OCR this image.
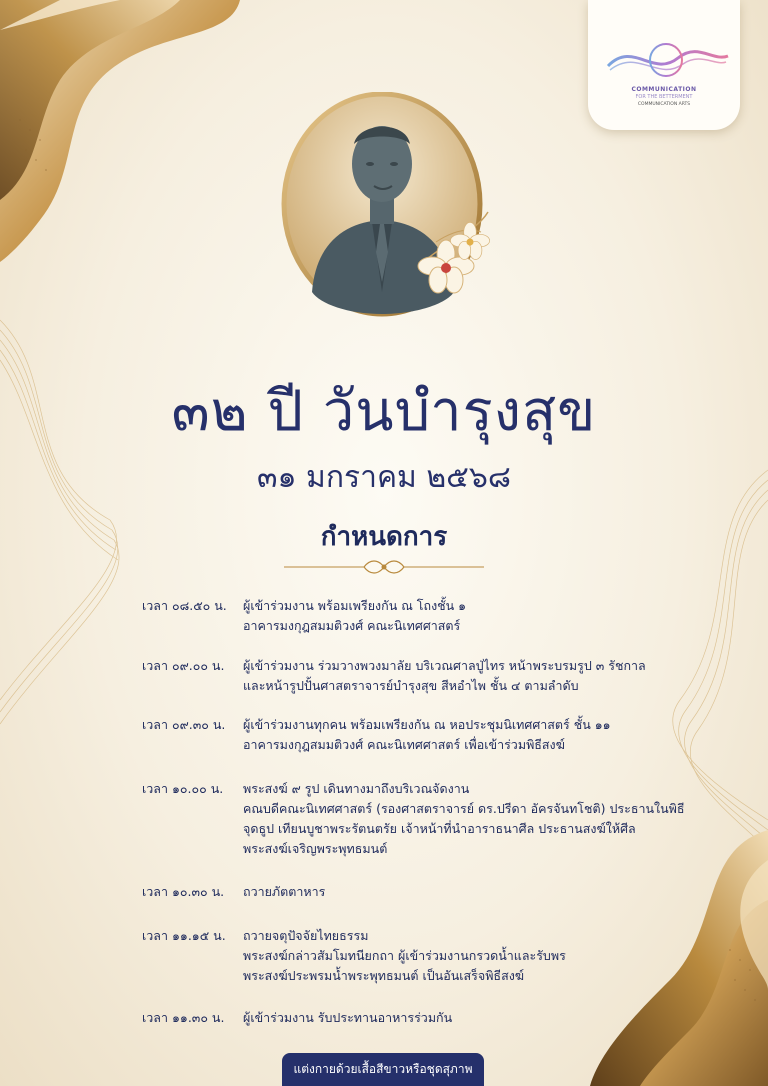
COMMUNICATION
FOR THE BETTERMENT
COMMUNICATION ARTS
๓๒ ปี วันบำรุงสุข
๓๑ มกราคม ๒๕๖๘
กำหนดการ
เวลา ๐๘.๕๐ น.	ผู้เข้าร่วมงาน พร้อมเพรียงกัน ณ โถงชั้น ๑
อาคารมงกุฎสมมติวงศ์ คณะนิเทศศาสตร์
เวลา ๐๙.๐๐ น.	ผู้เข้าร่วมงาน ร่วมวางพวงมาลัย บริเวณศาลปู่ไทร หน้าพระบรมรูป ๓ รัชกาล
และหน้ารูปปั้นศาสตราจารย์บำรุงสุข สีหอำไพ ชั้น ๔ ตามลำดับ
เวลา ๐๙.๓๐ น.	ผู้เข้าร่วมงานทุกคน พร้อมเพรียงกัน ณ หอประชุมนิเทศศาสตร์ ชั้น ๑๑
อาคารมงกุฎสมมติวงศ์ คณะนิเทศศาสตร์ เพื่อเข้าร่วมพิธีสงฆ์
เวลา ๑๐.๐๐ น.	พระสงฆ์ ๙ รูป เดินทางมาถึงบริเวณจัดงาน
คณบดีคณะนิเทศศาสตร์ (รองศาสตราจารย์ ดร.ปรีดา อัครจันทโชติ) ประธานในพิธี
จุดธูป เทียนบูชาพระรัตนตรัย เจ้าหน้าที่นำอาราธนาศีล ประธานสงฆ์ให้ศีล
พระสงฆ์เจริญพระพุทธมนต์
เวลา ๑๐.๓๐ น.	ถวายภัตตาหาร
เวลา ๑๑.๑๕ น.	ถวายจตุปัจจัยไทยธรรม
พระสงฆ์กล่าวสัมโมทนียกถา ผู้เข้าร่วมงานกรวดน้ำและรับพร
พระสงฆ์ประพรมน้ำพระพุทธมนต์ เป็นอันเสร็จพิธีสงฆ์
เวลา ๑๑.๓๐ น.	ผู้เข้าร่วมงาน รับประทานอาหารร่วมกัน
แต่งกายด้วยเสื้อสีขาวหรือชุดสุภาพ
